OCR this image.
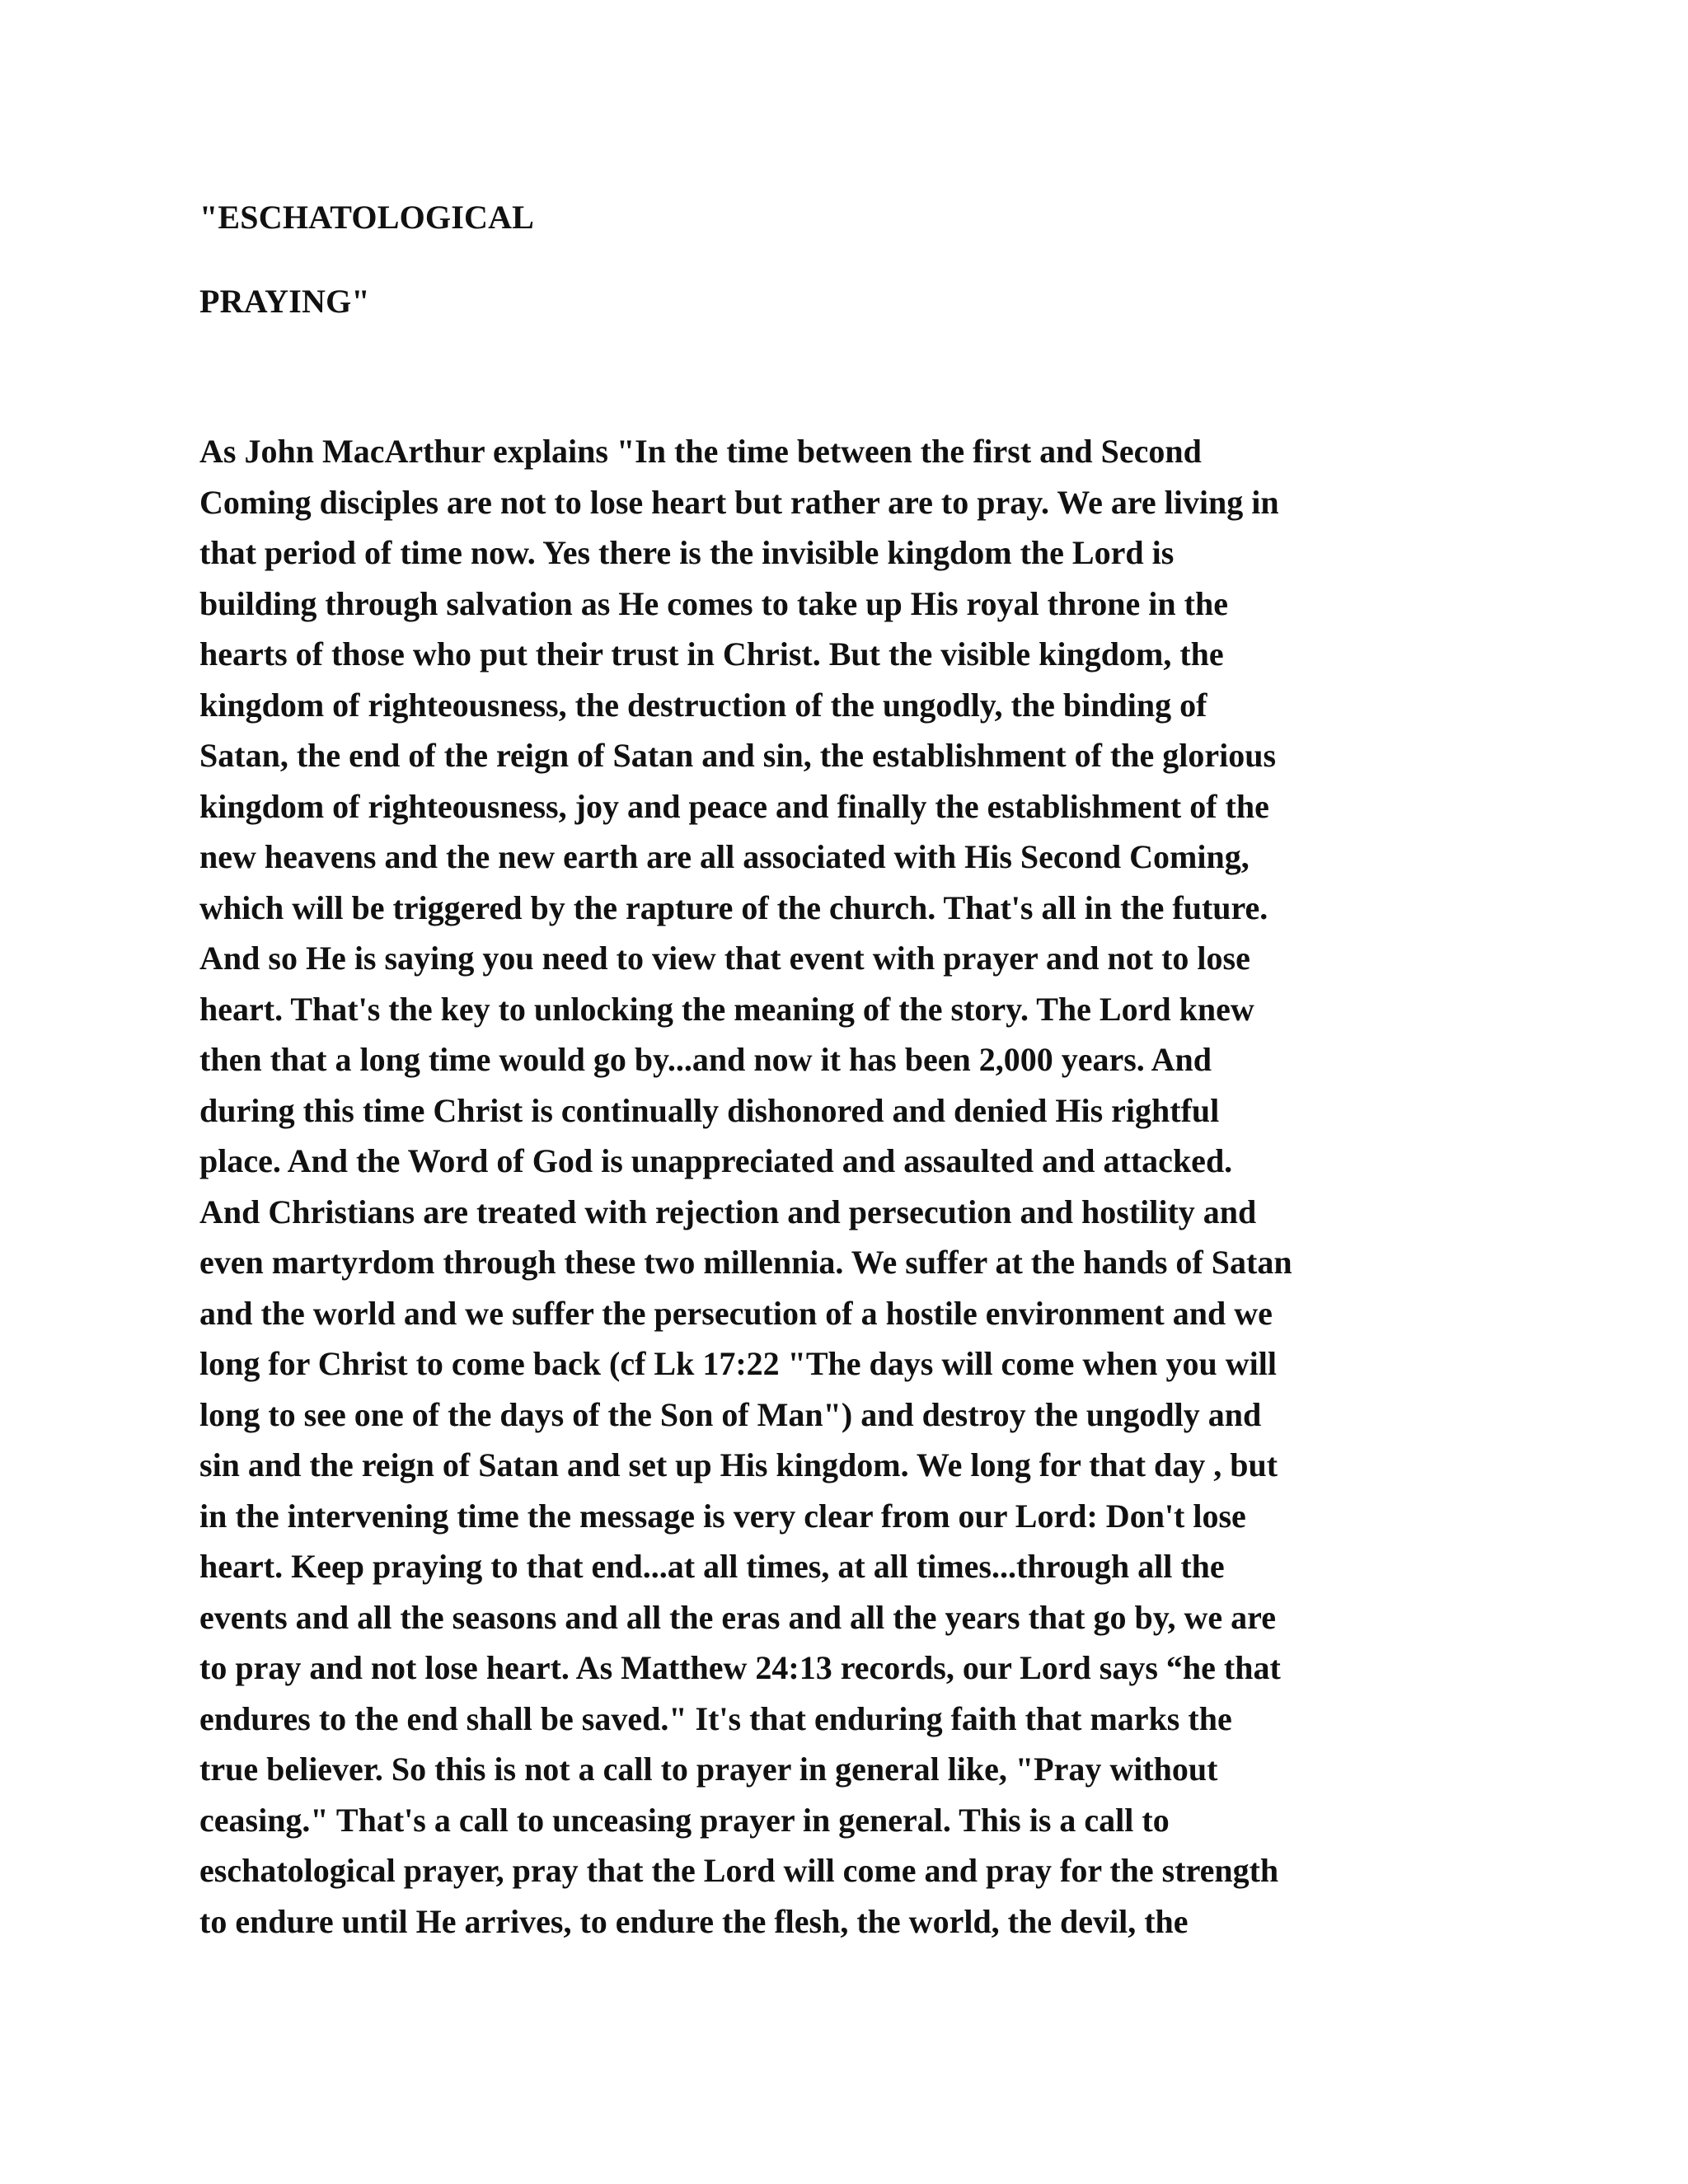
"ESCHATOLOGICAL
PRAYING"
As John MacArthur explains "In the time between the first and Second
Coming disciples are not to lose heart but rather are to pray. We are living in
that period of time now. Yes there is the invisible kingdom the Lord is
building through salvation as He comes to take up His royal throne in the
hearts of those who put their trust in Christ. But the visible kingdom, the
kingdom of righteousness, the destruction of the ungodly, the binding of
Satan, the end of the reign of Satan and sin, the establishment of the glorious
kingdom of righteousness, joy and peace and finally the establishment of the
new heavens and the new earth are all associated with His Second Coming,
which will be triggered by the rapture of the church. That's all in the future.
And so He is saying you need to view that event with prayer and not to lose
heart. That's the key to unlocking the meaning of the story. The Lord knew
then that a long time would go by...and now it has been 2,000 years. And
during this time Christ is continually dishonored and denied His rightful
place. And the Word of God is unappreciated and assaulted and attacked.
And Christians are treated with rejection and persecution and hostility and
even martyrdom through these two millennia. We suffer at the hands of Satan
and the world and we suffer the persecution of a hostile environment and we
long for Christ to come back (cf Lk 17:22 "The days will come when you will
long to see one of the days of the Son of Man") and destroy the ungodly and
sin and the reign of Satan and set up His kingdom. We long for that day , but
in the intervening time the message is very clear from our Lord: Don't lose
heart. Keep praying to that end...at all times, at all times...through all the
events and all the seasons and all the eras and all the years that go by, we are
to pray and not lose heart. As Matthew 24:13 records, our Lord says “he that
endures to the end shall be saved." It's that enduring faith that marks the
true believer. So this is not a call to prayer in general like, "Pray without
ceasing." That's a call to unceasing prayer in general. This is a call to
eschatological prayer, pray that the Lord will come and pray for the strength
to endure until He arrives, to endure the flesh, the world, the devil, the
